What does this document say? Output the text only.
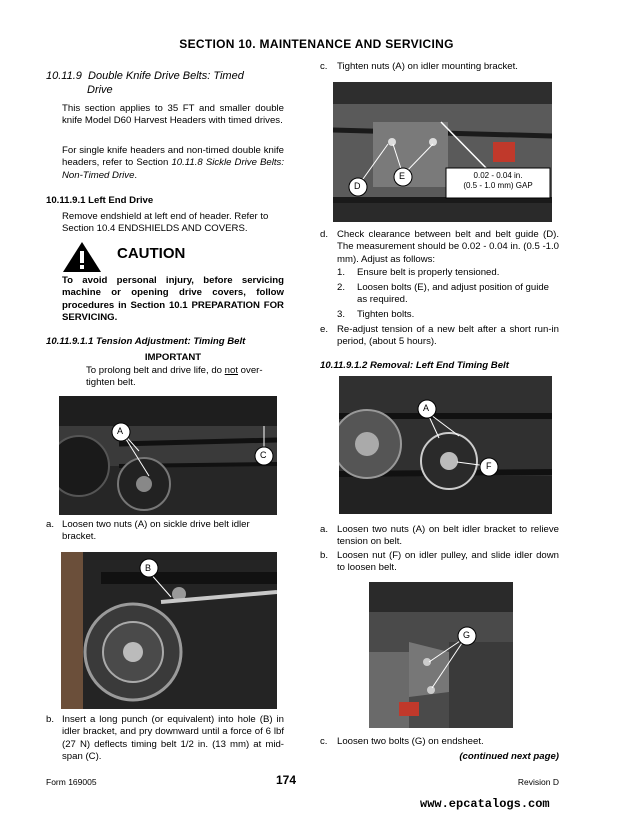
SECTION 10. MAINTENANCE AND SERVICING
10.11.9 Double Knife Drive Belts: Timed
Drive
This section applies to 35 FT and smaller double knife Model D60 Harvest Headers with timed drives.
For single knife headers and non-timed double knife headers, refer to Section 10.11.8 Sickle Drive Belts: Non-Timed Drive.
10.11.9.1 Left End Drive
Remove endshield at left end of header. Refer to Section 10.4 ENDSHIELDS AND COVERS.
CAUTION
To avoid personal injury, before servicing machine or opening drive covers, follow procedures in Section 10.1 PREPARATION FOR SERVICING.
10.11.9.1.1 Tension Adjustment: Timing Belt
IMPORTANT
To prolong belt and drive life, do not over-tighten belt.
A
C
a. Loosen two nuts (A) on sickle drive belt idler bracket.
B
b. Insert a long punch (or equivalent) into hole (B) in idler bracket, and pry downward until a force of 6 lbf (27 N) deflects timing belt 1/2 in. (13 mm) at mid-span (C).
c. Tighten nuts (A) on idler mounting bracket.
D
E	0.02 - 0.04 in.
(0.5 - 1.0 mm) GAP
d. Check clearance between belt and belt guide (D). The measurement should be 0.02 - 0.04 in. (0.5 -1.0 mm). Adjust as follows:
1. Ensure belt is properly tensioned.
2. Loosen bolts (E), and adjust position of guide as required.
3. Tighten bolts.
e. Re-adjust tension of a new belt after a short run-in period, (about 5 hours).
10.11.9.1.2 Removal: Left End Timing Belt
A
F
a. Loosen two nuts (A) on belt idler bracket to relieve tension on belt.
b. Loosen nut (F) on idler pulley, and slide idler down to loosen belt.
G
c. Loosen two bolts (G) on endsheet.
(continued next page)
Form 169005	174	Revision D
www.epcatalogs.com
